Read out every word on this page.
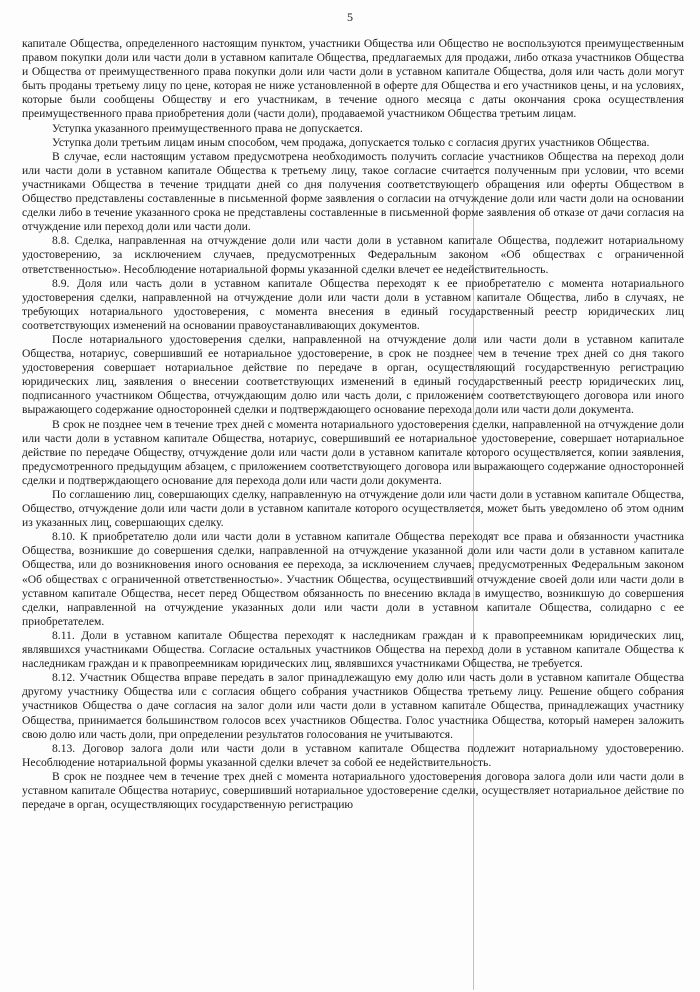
5

капитале Общества, определенного настоящим пунктом, участники Общества или Общество не воспользуются преимущественным правом покупки доли или части доли в уставном капитале Общества, предлагаемых для продажи, либо отказа участников Общества и Общества от преимущественного права покупки доли или части доли в уставном капитале Общества, доля или часть доли могут быть проданы третьему лицу по цене, которая не ниже установленной в оферте для Общества и его участников цены, и на условиях, которые были сообщены Обществу и его участникам, в течение одного месяца с даты окончания срока осуществления преимущественного права приобретения доли (части доли), продаваемой участником Общества третьим лицам.

Уступка указанного преимущественного права не допускается.

Уступка доли третьим лицам иным способом, чем продажа, допускается только с согласия других участников Общества.

В случае, если настоящим уставом предусмотрена необходимость получить согласие участников Общества на переход доли или части доли в уставном капитале Общества к третьему лицу, такое согласие считается полученным при условии, что всеми участниками Общества в течение тридцати дней со дня получения соответствующего обращения или оферты Обществом в Общество представлены составленные в письменной форме заявления о согласии на отчуждение доли или части доли на основании сделки либо в течение указанного срока не представлены составленные в письменной форме заявления об отказе от дачи согласия на отчуждение или переход доли или части доли.

8.8. Сделка, направленная на отчуждение доли или части доли в уставном капитале Общества, подлежит нотариальному удостоверению, за исключением случаев, предусмотренных Федеральным законом «Об обществах с ограниченной ответственностью». Несоблюдение нотариальной формы указанной сделки влечет ее недействительность.

8.9. Доля или часть доли в уставном капитале Общества переходят к ее приобретателю с момента нотариального удостоверения сделки, направленной на отчуждение доли или части доли в уставном капитале Общества, либо в случаях, не требующих нотариального удостоверения, с момента внесения в единый государственный реестр юридических лиц соответствующих изменений на основании правоустанавливающих документов.

После нотариального удостоверения сделки, направленной на отчуждение доли или части доли в уставном капитале Общества, нотариус, совершивший ее нотариальное удостоверение, в срок не позднее чем в течение трех дней со дня такого удостоверения совершает нотариальное действие по передаче в орган, осуществляющий государственную регистрацию юридических лиц, заявления о внесении соответствующих изменений в единый государственный реестр юридических лиц, подписанного участником Общества, отчуждающим долю или часть доли, с приложением соответствующего договора или иного выражающего содержание односторонней сделки и подтверждающего основание перехода доли или части доли документа.

В срок не позднее чем в течение трех дней с момента нотариального удостоверения сделки, направленной на отчуждение доли или части доли в уставном капитале Общества, нотариус, совершивший ее нотариальное удостоверение, совершает нотариальное действие по передаче Обществу, отчуждение доли или части доли в уставном капитале которого осуществляется, копии заявления, предусмотренного предыдущим абзацем, с приложением соответствующего договора или выражающего содержание односторонней сделки и подтверждающего основание для перехода доли или части доли документа.

По соглашению лиц, совершающих сделку, направленную на отчуждение доли или части доли в уставном капитале Общества, Общество, отчуждение доли или части доли в уставном капитале которого осуществляется, может быть уведомлено об этом одним из указанных лиц, совершающих сделку.

8.10. К приобретателю доли или части доли в уставном капитале Общества переходят все права и обязанности участника Общества, возникшие до совершения сделки, направленной на отчуждение указанной доли или части доли в уставном капитале Общества, или до возникновения иного основания ее перехода, за исключением случаев, предусмотренных Федеральным законом «Об обществах с ограниченной ответственностью». Участник Общества, осуществивший отчуждение своей доли или части доли в уставном капитале Общества, несет перед Обществом обязанность по внесению вклада в имущество, возникшую до совершения сделки, направленной на отчуждение указанных доли или части доли в уставном капитале Общества, солидарно с ее приобретателем.

8.11. Доли в уставном капитале Общества переходят к наследникам граждан и к правопреемникам юридических лиц, являвшихся участниками Общества. Согласие остальных участников Общества на переход доли в уставном капитале Общества к наследникам граждан и к правопреемникам юридических лиц, являвшихся участниками Общества, не требуется.

8.12. Участник Общества вправе передать в залог принадлежащую ему долю или часть доли в уставном капитале Общества другому участнику Общества или с согласия общего собрания участников Общества третьему лицу. Решение общего собрания участников Общества о даче согласия на залог доли или части доли в уставном капитале Общества, принадлежащих участнику Общества, принимается большинством голосов всех участников Общества. Голос участника Общества, который намерен заложить свою долю или часть доли, при определении результатов голосования не учитываются.

8.13. Договор залога доли или части доли в уставном капитале Общества подлежит нотариальному удостоверению. Несоблюдение нотариальной формы указанной сделки влечет за собой ее недействительность.

В срок не позднее чем в течение трех дней с момента нотариального удостоверения договора залога доли или части доли в уставном капитале Общества нотариус, совершивший нотариальное удостоверение сделки, осуществляет нотариальное действие по передаче в орган, осуществляющих государственную регистрацию
